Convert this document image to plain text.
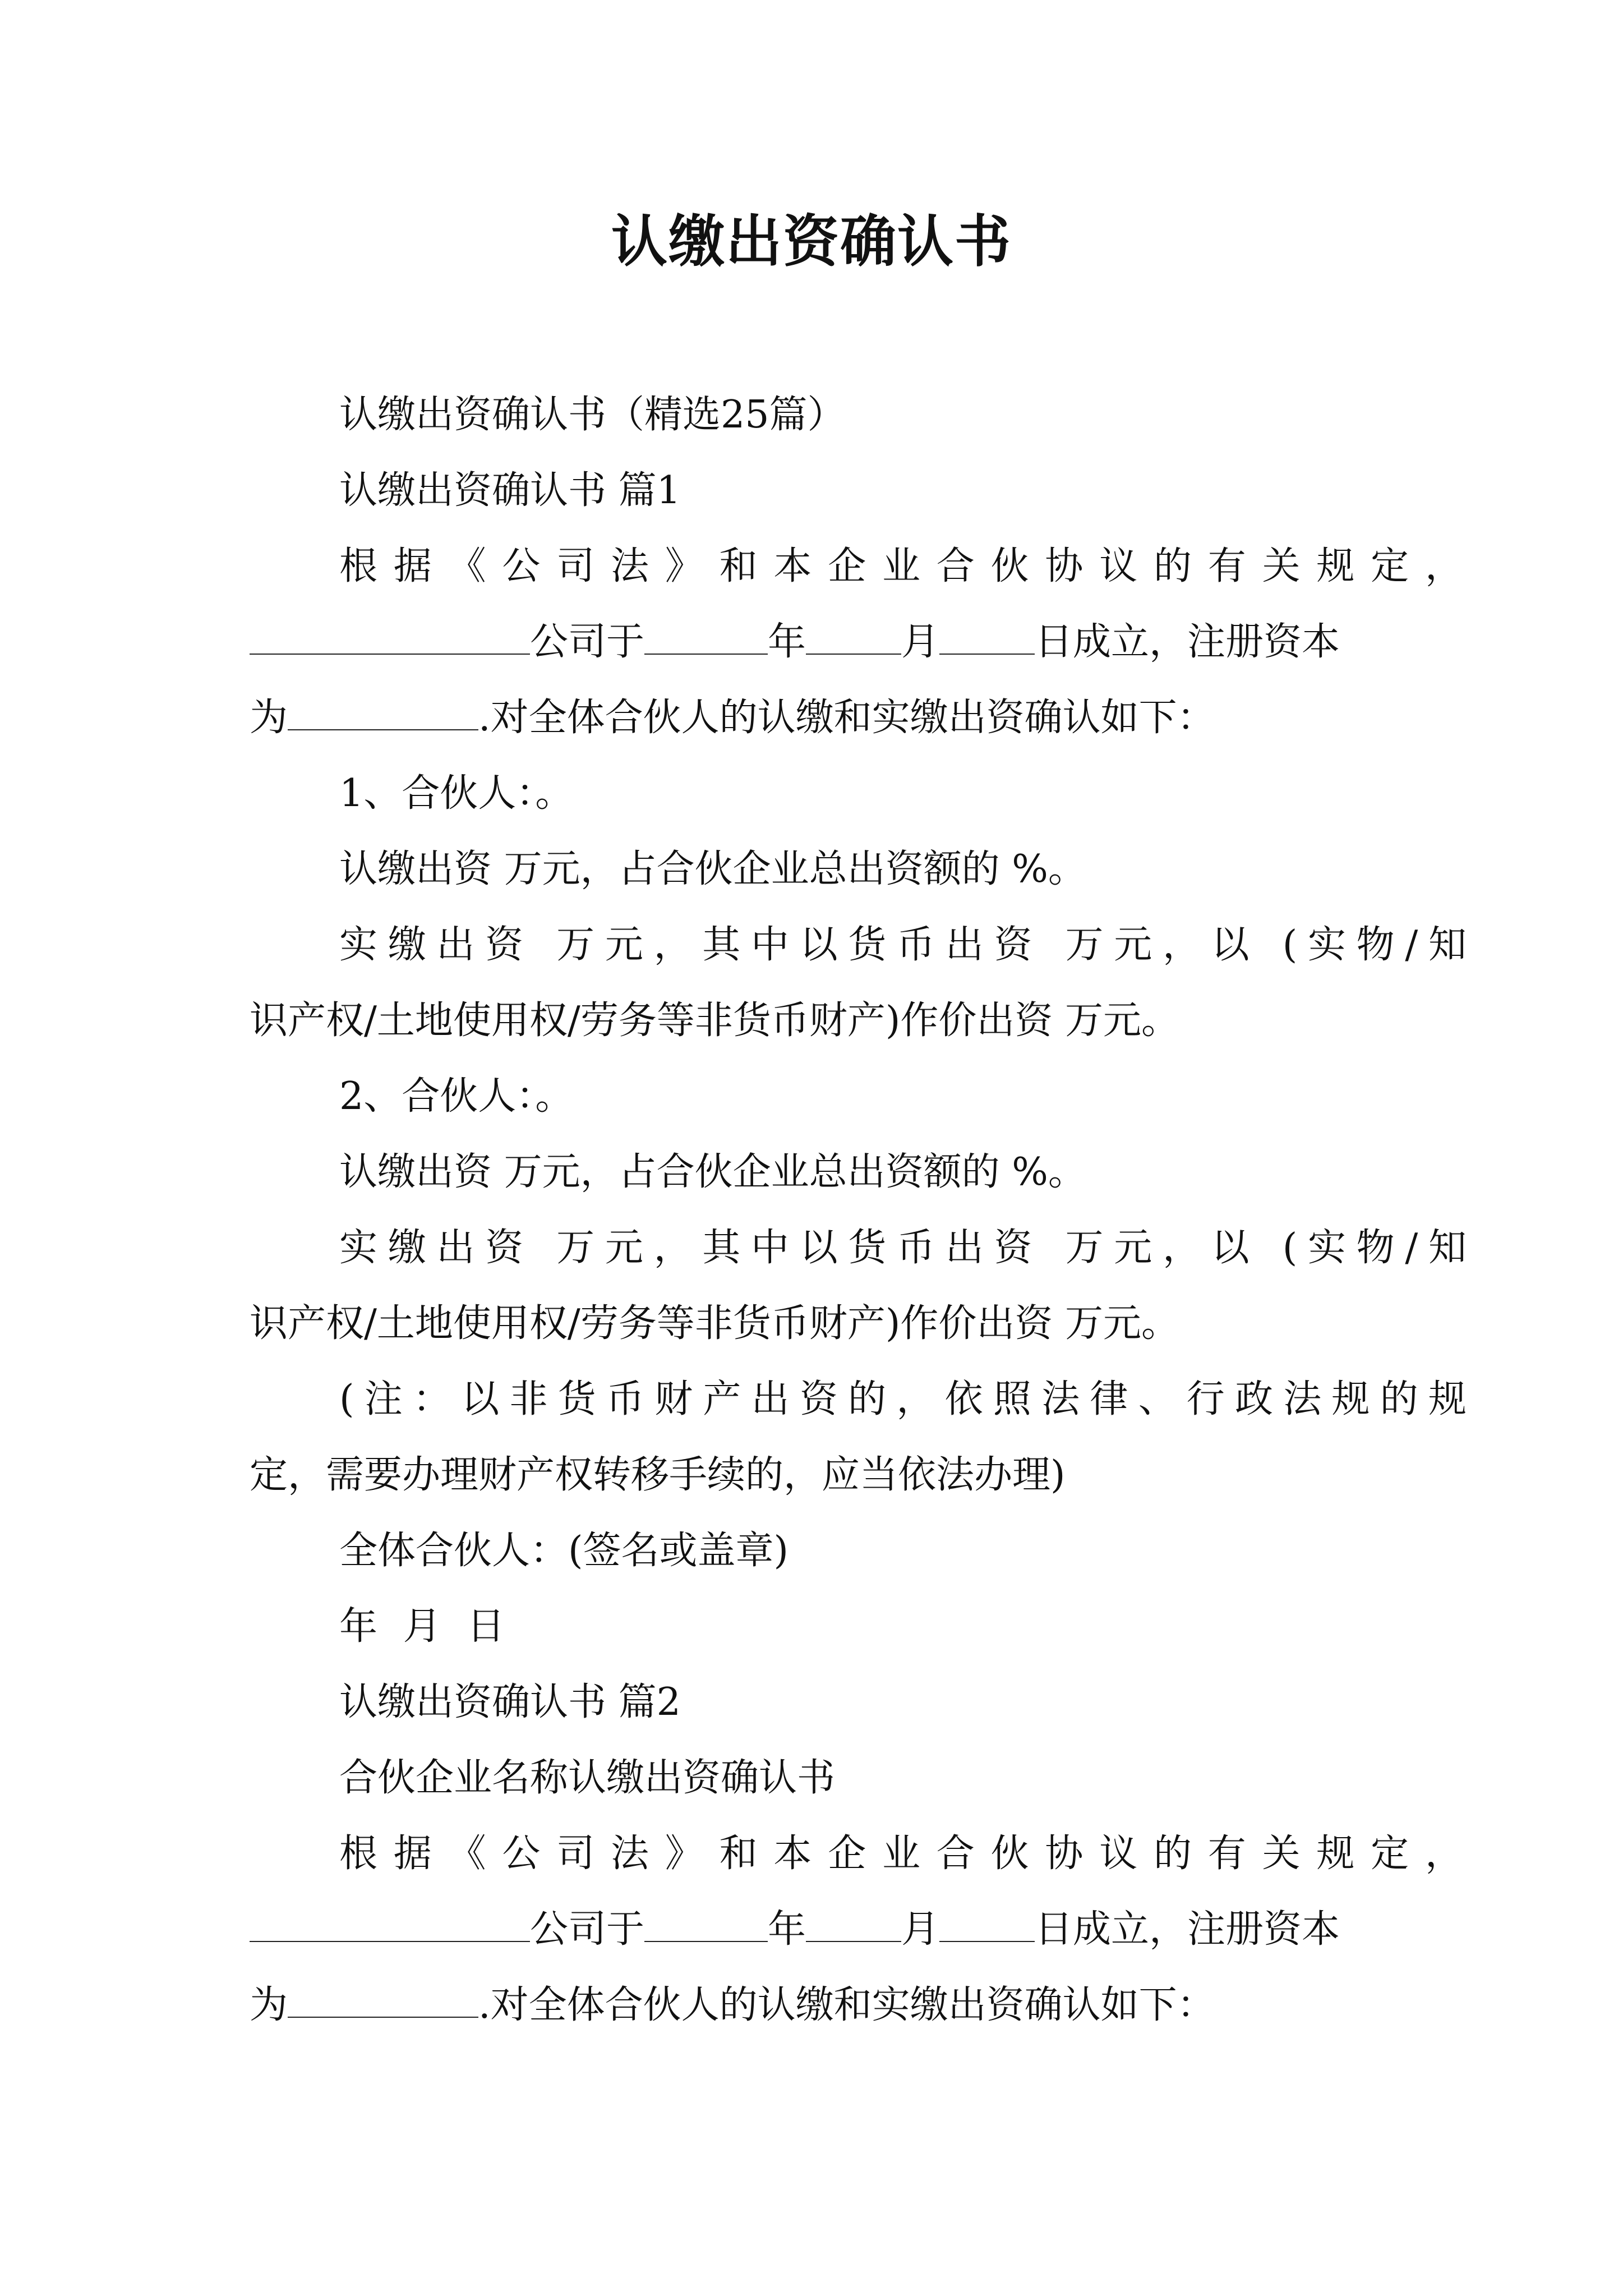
认缴出资确认书
认缴出资确认书（精选25篇）
认缴出资确认书 篇1
根据《公司法》和本企业合伙协议的有关规定，
公司于	年	月	日成立，注册资本
为	.对全体合伙人的认缴和实缴出资确认如下：
1、合伙人：。
认缴出资 万元，占合伙企业总出资额的 %。
实缴出资 万元，其中以货币出资 万元，以 (实物/知
识产权/土地使用权/劳务等非货币财产)作价出资 万元。
2、合伙人：。
认缴出资 万元，占合伙企业总出资额的 %。
实缴出资 万元，其中以货币出资 万元，以 (实物/知
识产权/土地使用权/劳务等非货币财产)作价出资 万元。
(注：以非货币财产出资的，依照法律、行政法规的规
定，需要办理财产权转移手续的，应当依法办理)
全体合伙人：(签名或盖章)
年 月 日
认缴出资确认书 篇2
合伙企业名称认缴出资确认书
根据《公司法》和本企业合伙协议的有关规定，
公司于	年	月	日成立，注册资本
为	.对全体合伙人的认缴和实缴出资确认如下：
